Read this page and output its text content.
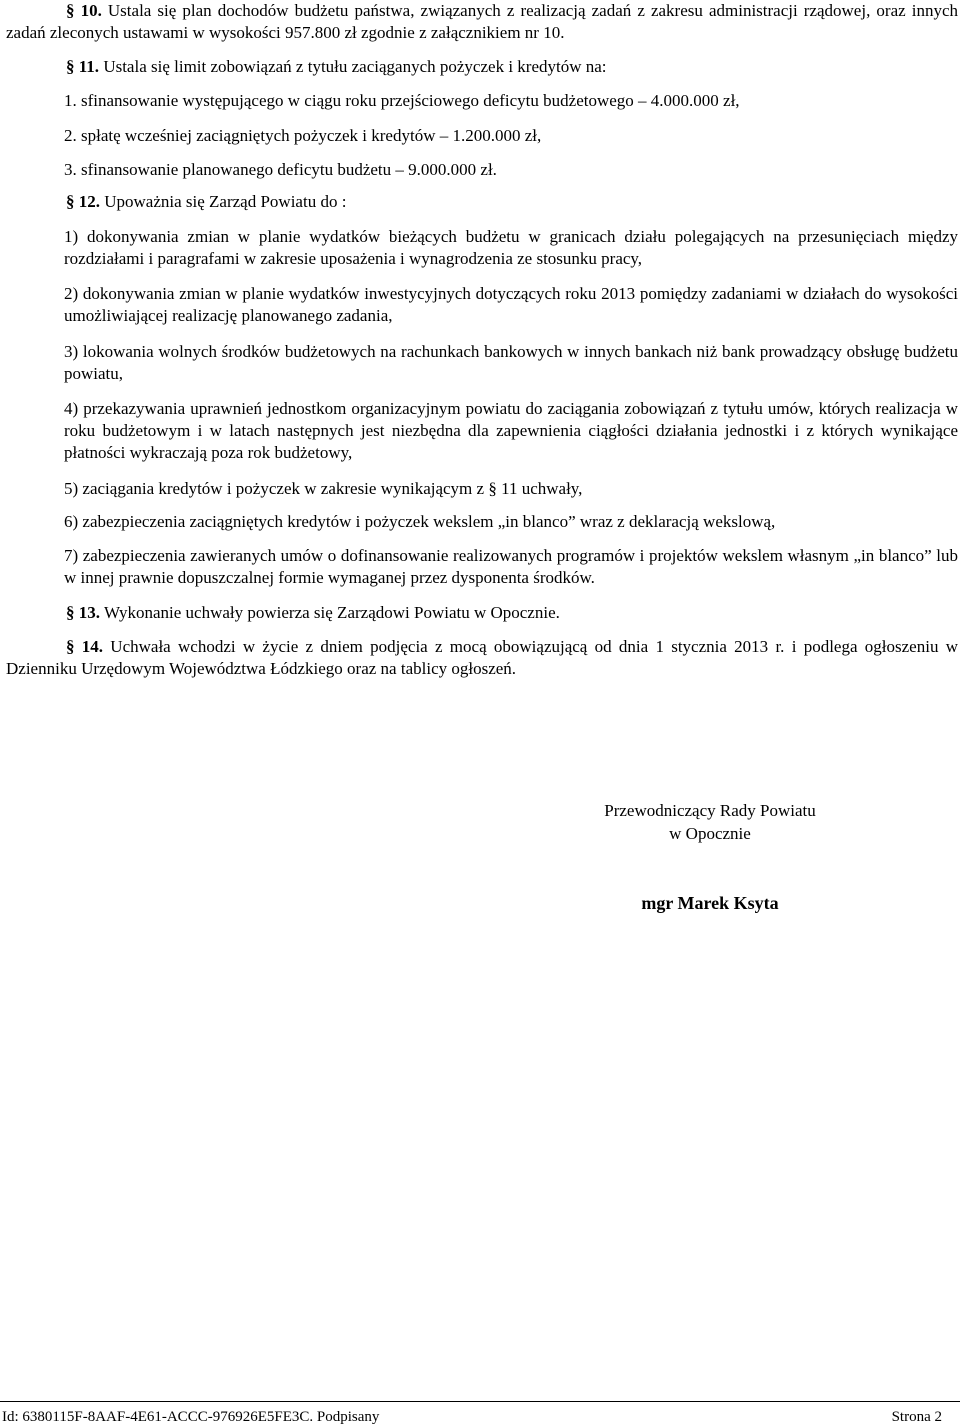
§ 10. Ustala się plan dochodów budżetu państwa, związanych z realizacją zadań z zakresu administracji rządowej, oraz innych zadań zleconych ustawami w wysokości 957.800 zł zgodnie z załącznikiem nr 10.

§ 11. Ustala się limit zobowiązań z tytułu zaciąganych pożyczek i kredytów na:

1. sfinansowanie występującego w ciągu roku przejściowego deficytu budżetowego – 4.000.000 zł,

2. spłatę wcześniej zaciągniętych pożyczek i kredytów – 1.200.000 zł,

3. sfinansowanie planowanego deficytu budżetu – 9.000.000 zł.

§ 12. Upoważnia się Zarząd Powiatu do :

1) dokonywania zmian w planie wydatków bieżących budżetu w granicach działu polegających na przesunięciach między rozdziałami i paragrafami w zakresie uposażenia i wynagrodzenia ze stosunku pracy,

2) dokonywania zmian w planie wydatków inwestycyjnych dotyczących roku 2013 pomiędzy zadaniami w działach do wysokości umożliwiającej realizację planowanego zadania,

3) lokowania wolnych środków budżetowych na rachunkach bankowych w innych bankach niż bank prowadzący obsługę budżetu powiatu,

4) przekazywania uprawnień jednostkom organizacyjnym powiatu do zaciągania zobowiązań z tytułu umów, których realizacja w roku budżetowym i w latach następnych jest niezbędna dla zapewnienia ciągłości działania jednostki i z których wynikające płatności wykraczają poza rok budżetowy,

5) zaciągania kredytów i pożyczek w zakresie wynikającym z § 11 uchwały,

6) zabezpieczenia zaciągniętych kredytów i pożyczek wekslem „in blanco” wraz z deklaracją wekslową,

7) zabezpieczenia zawieranych umów o dofinansowanie realizowanych programów i projektów wekslem własnym „in blanco” lub w innej prawnie dopuszczalnej formie wymaganej przez dysponenta środków.

§ 13. Wykonanie uchwały powierza się Zarządowi Powiatu w Opocznie.

§ 14. Uchwała wchodzi w życie z dniem podjęcia z mocą obowiązującą od dnia 1 stycznia 2013 r. i podlega ogłoszeniu w Dzienniku Urzędowym Województwa Łódzkiego oraz na tablicy ogłoszeń.

Przewodniczący Rady Powiatu

w Opocznie

mgr Marek Ksyta

Id: 6380115F-8AAF-4E61-ACCC-976926E5FE3C. Podpisany	Strona 2
